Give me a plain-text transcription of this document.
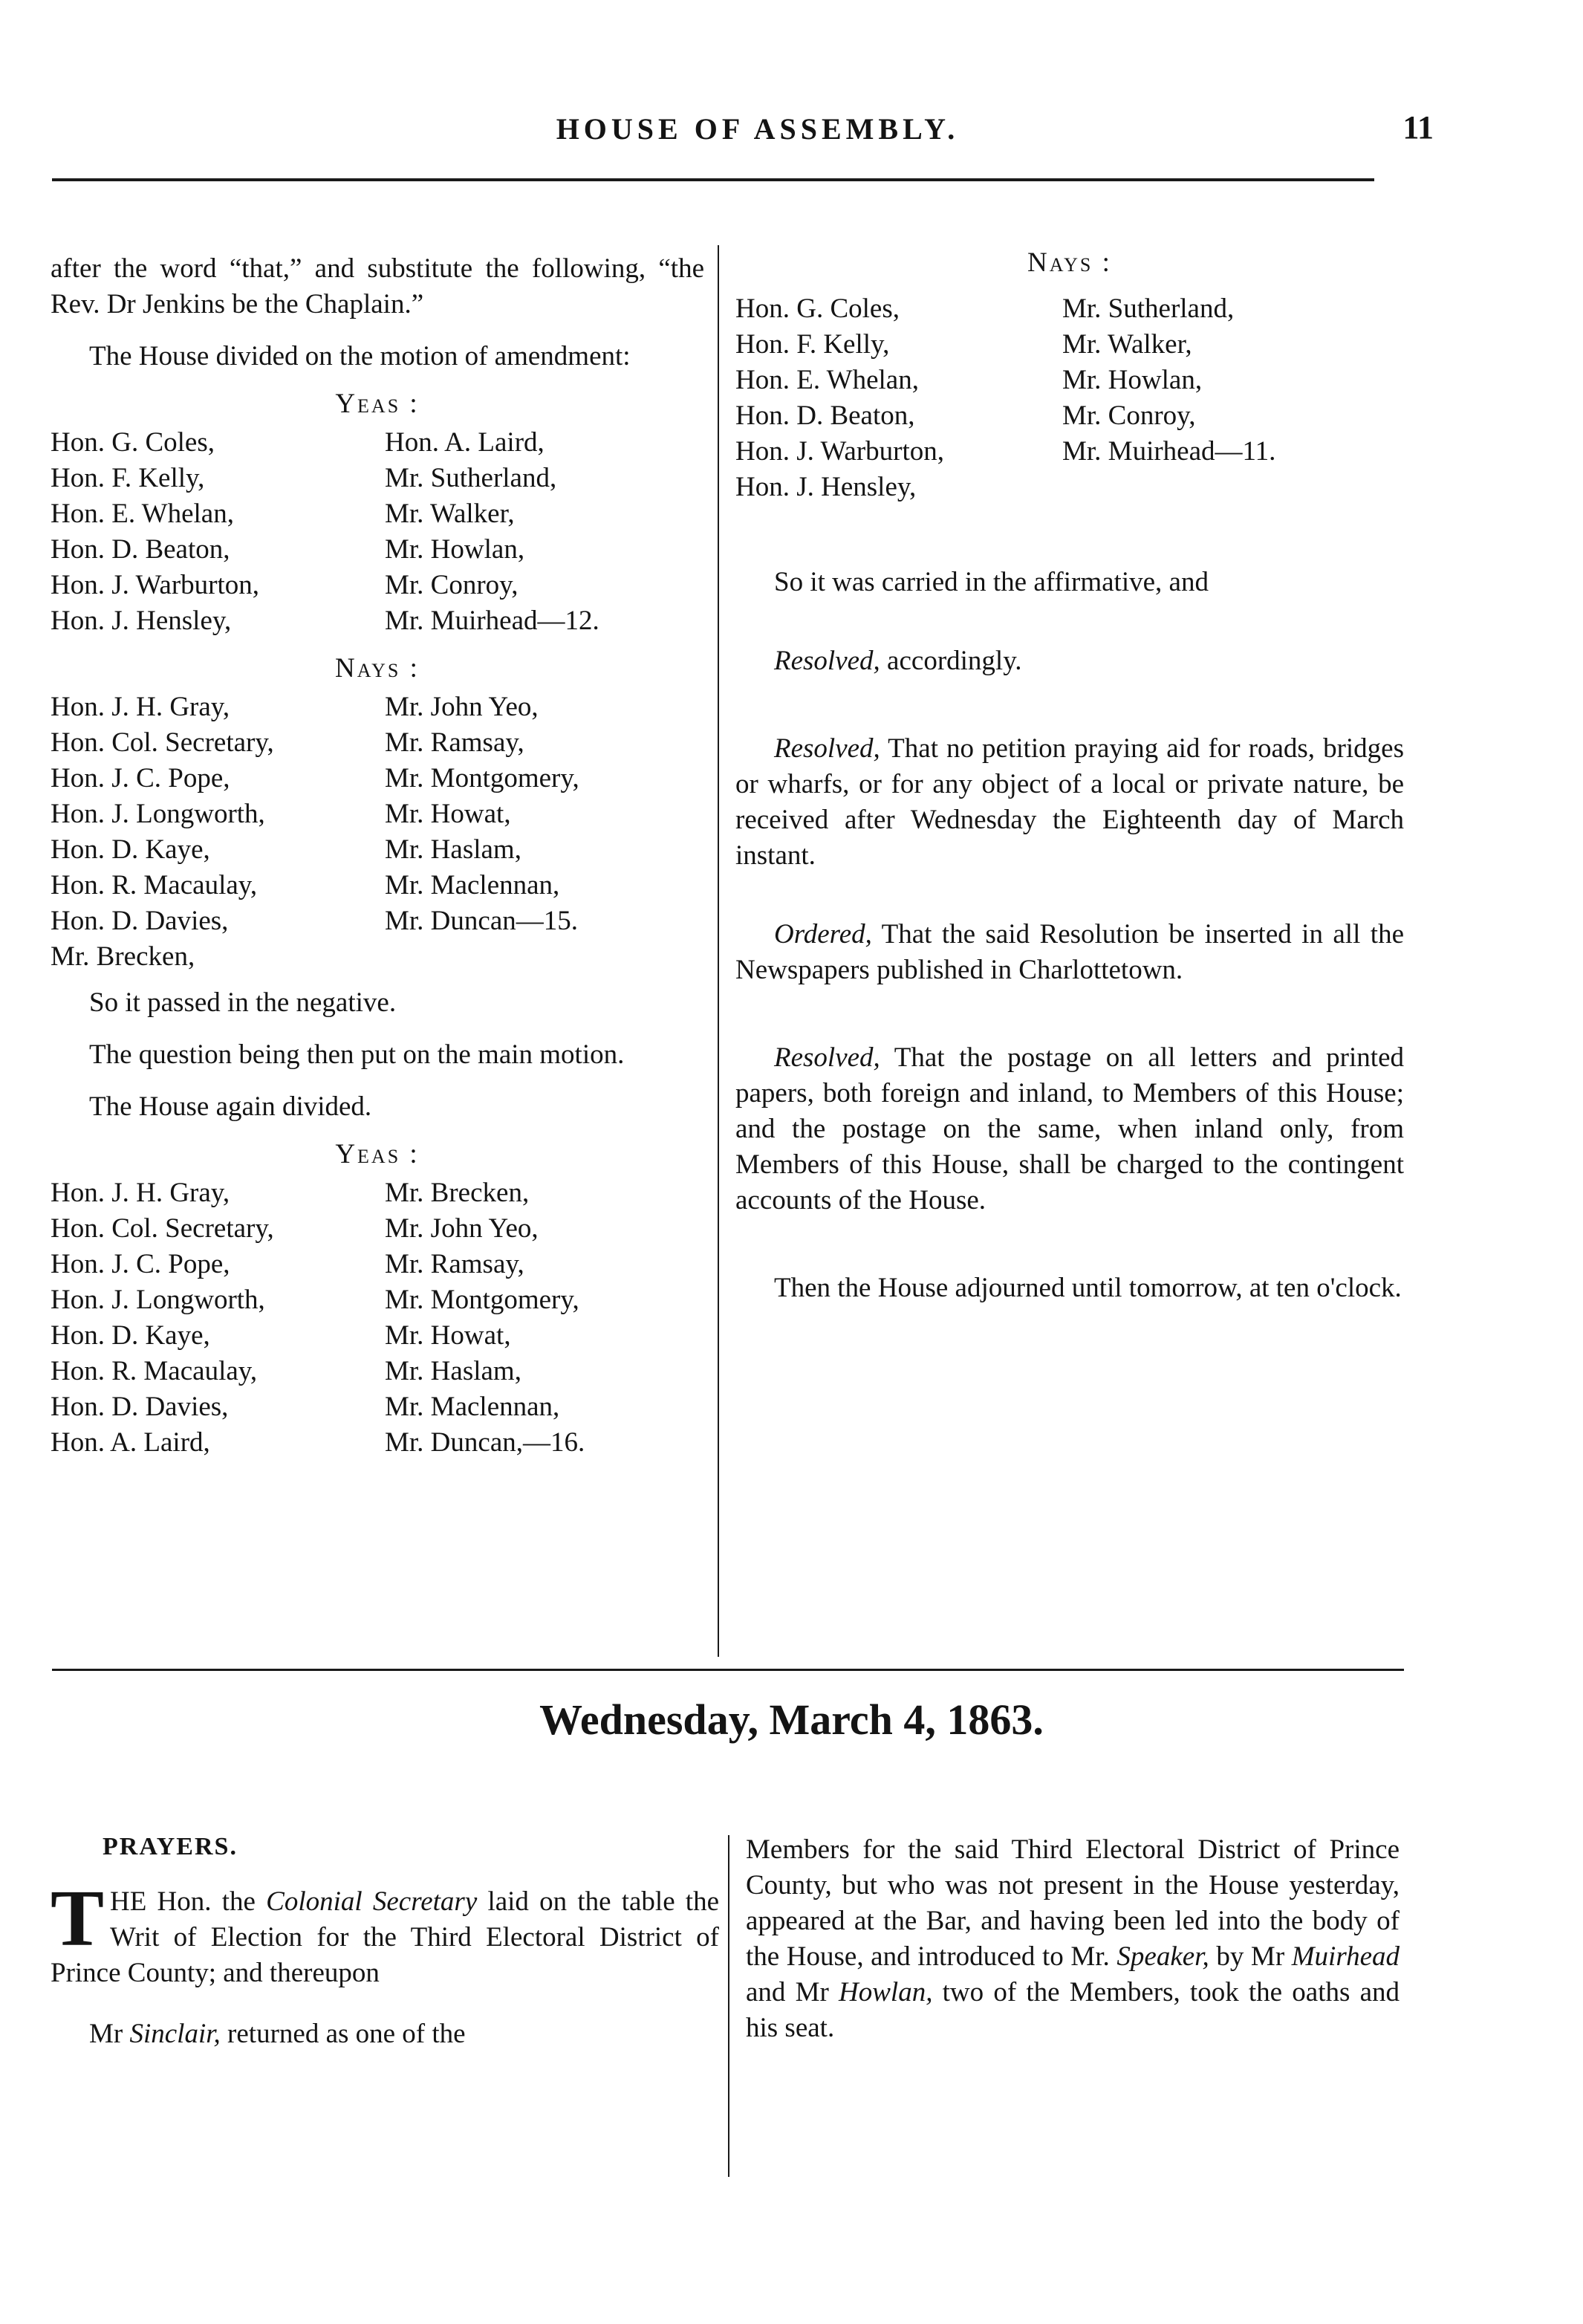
HOUSE OF ASSEMBLY.	11

after the word “that,” and substitute the following, “the Rev. Dr Jenkins be the Chaplain.”

The House divided on the motion of amendment:

Yeas :
Hon. G. Coles,	Hon. A. Laird,
Hon. F. Kelly,	Mr. Sutherland,
Hon. E. Whelan,	Mr. Walker,
Hon. D. Beaton,	Mr. Howlan,
Hon. J. Warburton,	Mr. Conroy,
Hon. J. Hensley,	Mr. Muirhead—12.
Nays :
Hon. J. H. Gray,	Mr. John Yeo,
Hon. Col. Secretary,	Mr. Ramsay,
Hon. J. C. Pope,	Mr. Montgomery,
Hon. J. Longworth,	Mr. Howat,
Hon. D. Kaye,	Mr. Haslam,
Hon. R. Macaulay,	Mr. Maclennan,
Hon. D. Davies,	Mr. Duncan—15.
Mr. Brecken,

So it passed in the negative.

The question being then put on the main motion.

The House again divided.

Yeas :
Hon. J. H. Gray,	Mr. Brecken,
Hon. Col. Secretary,	Mr. John Yeo,
Hon. J. C. Pope,	Mr. Ramsay,
Hon. J. Longworth,	Mr. Montgomery,
Hon. D. Kaye,	Mr. Howat,
Hon. R. Macaulay,	Mr. Haslam,
Hon. D. Davies,	Mr. Maclennan,
Hon. A. Laird,	Mr. Duncan,—16.
Nays :
Hon. G. Coles,	Mr. Sutherland,
Hon. F. Kelly,	Mr. Walker,
Hon. E. Whelan,	Mr. Howlan,
Hon. D. Beaton,	Mr. Conroy,
Hon. J. Warburton,	Mr. Muirhead—11.
Hon. J. Hensley,

So it was carried in the affirmative, and

Resolved, accordingly.

Resolved, That no petition praying aid for roads, bridges or wharfs, or for any object of a local or private nature, be received after Wednesday the Eighteenth day of March instant.

Ordered, That the said Resolution be inserted in all the Newspapers published in Charlottetown.

Resolved, That the postage on all letters and printed papers, both foreign and inland, to Members of this House; and the postage on the same, when inland only, from Members of this House, shall be charged to the contingent accounts of the House.

Then the House adjourned until tomorrow, at ten o'clock.

Wednesday, March 4, 1863.
PRAYERS.

THE Hon. the Colonial Secretary laid on the table the Writ of Election for the Third Electoral District of Prince County; and thereupon

Mr Sinclair, returned as one of the

Members for the said Third Electoral District of Prince County, but who was not present in the House yesterday, appeared at the Bar, and having been led into the body of the House, and introduced to Mr. Speaker, by Mr Muirhead and Mr Howlan, two of the Members, took the oaths and his seat.
